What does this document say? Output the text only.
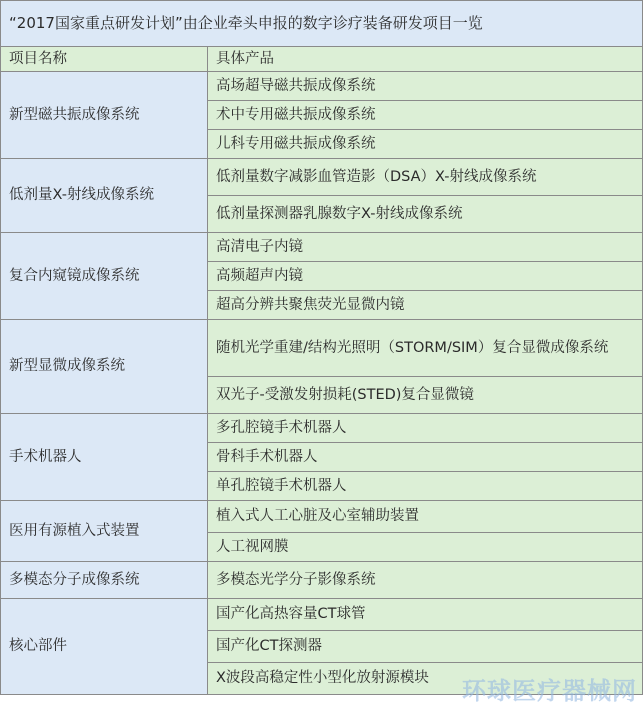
“2017国家重点研发计划”由企业牵头申报的数字诊疗装备研发项目一览	
项目名称	具体产品
新型磁共振成像系统	高场超导磁共振成像系统
	术中专用磁共振成像系统
	儿科专用磁共振成像系统
低剂量X-射线成像系统	低剂量数字减影血管造影（DSA）X-射线成像系统
	低剂量探测器乳腺数字X-射线成像系统
复合内窥镜成像系统	高清电子内镜
	高频超声内镜
	超高分辨共聚焦荧光显微内镜
新型显微成像系统	随机光学重建/结构光照明（STORM/SIM）复合显微成像系统
	双光子-受激发射损耗(STED)复合显微镜
手术机器人	多孔腔镜手术机器人
	骨科手术机器人
	单孔腔镜手术机器人
医用有源植入式装置	植入式人工心脏及心室辅助装置
	人工视网膜
多模态分子成像系统	多模态光学分子影像系统
核心部件	国产化高热容量CT球管
	国产化CT探测器
	X波段高稳定性小型化放射源模块 环球医疗器械网
